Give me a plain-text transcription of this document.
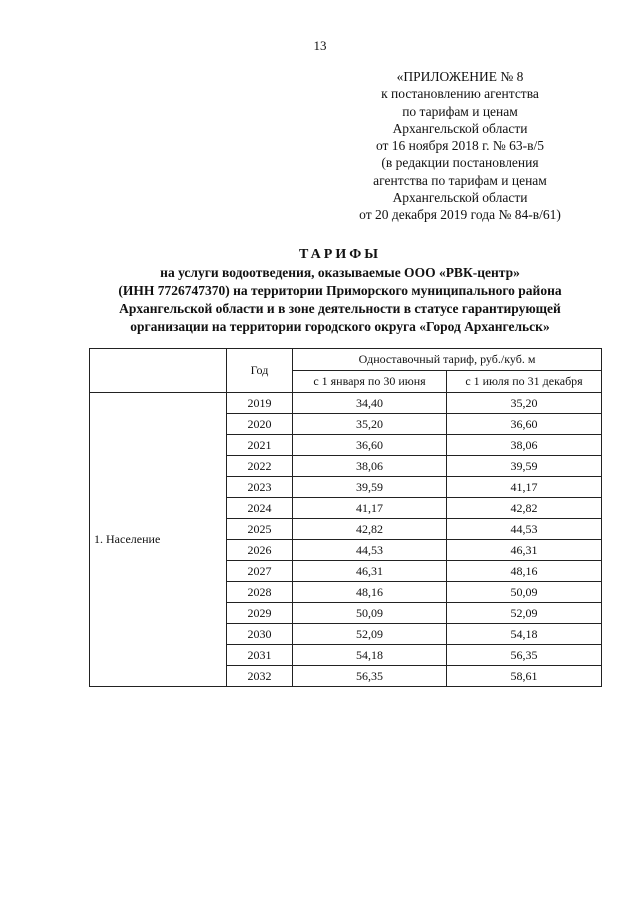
13
«ПРИЛОЖЕНИЕ № 8
к постановлению агентства
по тарифам и ценам
Архангельской области
от 16 ноября 2018 г. № 63-в/5
(в редакции постановления
агентства по тарифам и ценам
Архангельской области
от 20 декабря 2019 года № 84-в/61)
ТАРИФЫ
на услуги водоотведения, оказываемые ООО «РВК-центр»
(ИНН 7726747370) на территории Приморского муниципального района
Архангельской области и в зоне деятельности в статусе гарантирующей
организации на территории городского округа «Город Архангельск»
	Год	Одноставочный тариф, руб./куб. м	
		с 1 января по 30 июня	с 1 июля по 31 декабря
1. Население	2019	34,40	35,20
	2020	35,20	36,60
	2021	36,60	38,06
	2022	38,06	39,59
	2023	39,59	41,17
	2024	41,17	42,82
	2025	42,82	44,53
	2026	44,53	46,31
	2027	46,31	48,16
	2028	48,16	50,09
	2029	50,09	52,09
	2030	52,09	54,18
	2031	54,18	56,35
	2032	56,35	58,61
